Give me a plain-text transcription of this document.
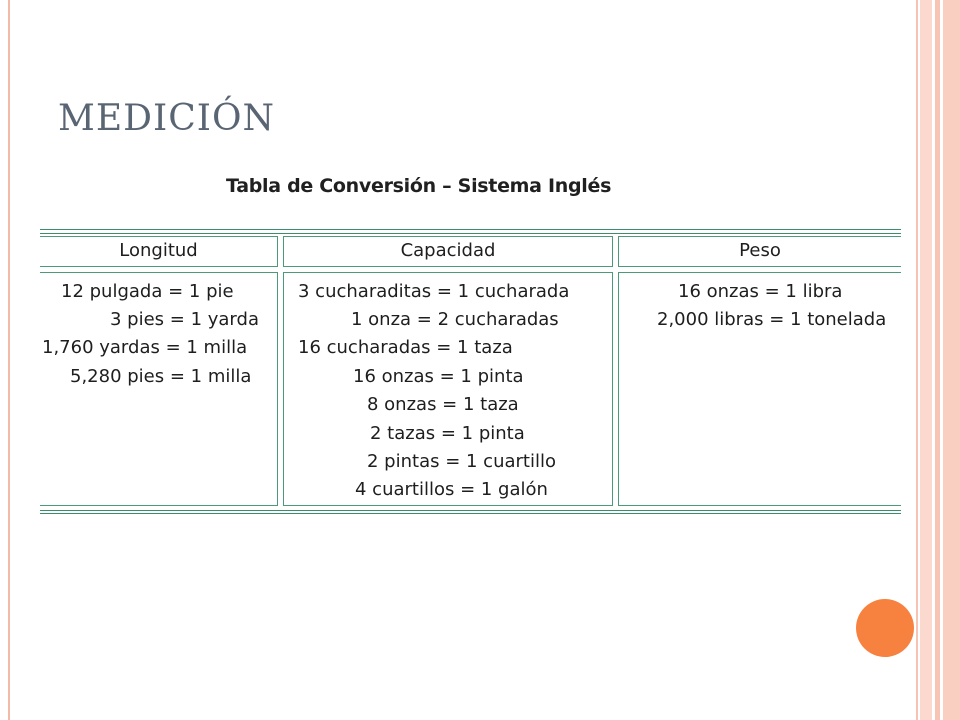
MEDICIÓN

Tabla de Conversión – Sistema Inglés

Longitud	Capacidad	Peso
12 pulgada = 1 pie
3 pies = 1 yarda
1,760 yardas = 1 milla
5,280 pies = 1 milla
3 cucharaditas = 1 cucharada
1 onza = 2 cucharadas
16 cucharadas = 1 taza
16 onzas = 1 pinta
8 onzas = 1 taza
2 tazas = 1 pinta
2 pintas = 1 cuartillo
4 cuartillos = 1 galón
16 onzas = 1 libra
2,000 libras = 1 tonelada
